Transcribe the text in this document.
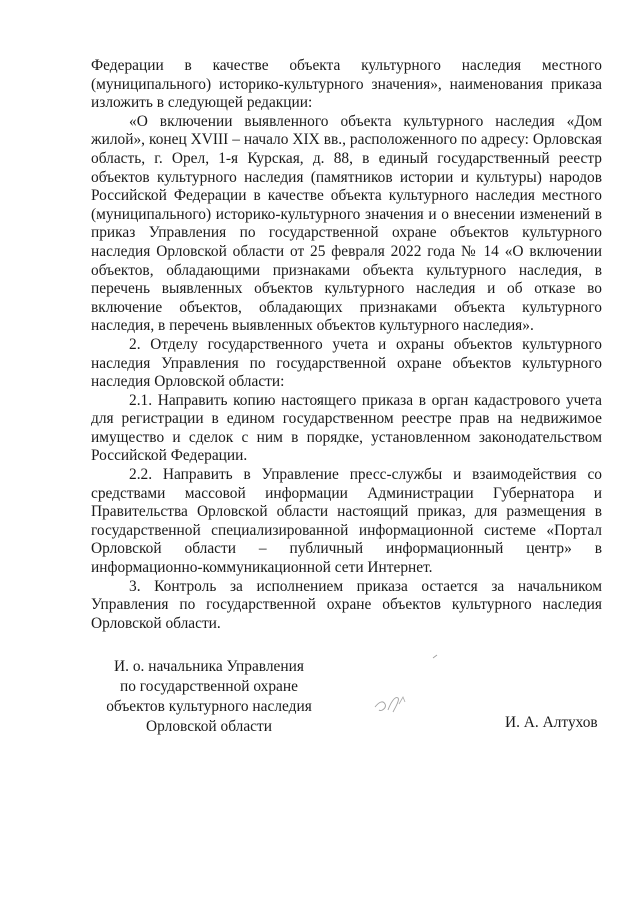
Федерации в качестве объекта культурного наследия местного (муниципального) историко-культурного значения», наименования приказа изложить в следующей редакции:

«О включении выявленного объекта культурного наследия «Дом жилой», конец XVIII – начало XIX вв., расположенного по адресу: Орловская область, г. Орел, 1-я Курская, д. 88, в единый государственный реестр объектов культурного наследия (памятников истории и культуры) народов Российской Федерации в качестве объекта культурного наследия местного (муниципального) историко-культурного значения и о внесении изменений в приказ Управления по государственной охране объектов культурного наследия Орловской области от 25 февраля 2022 года № 14 «О включении объектов, обладающими признаками объекта культурного наследия, в перечень выявленных объектов культурного наследия и об отказе во включение объектов, обладающих признаками объекта культурного наследия, в перечень выявленных объектов культурного наследия».

2. Отделу государственного учета и охраны объектов культурного наследия Управления по государственной охране объектов культурного наследия Орловской области:

2.1. Направить копию настоящего приказа в орган кадастрового учета для регистрации в едином государственном реестре прав на недвижимое имущество и сделок с ним в порядке, установленном законодательством Российской Федерации.

2.2. Направить в Управление пресс-службы и взаимодействия со средствами массовой информации Администрации Губернатора и Правительства Орловской области настоящий приказ, для размещения в государственной специализированной информационной системе «Портал Орловской области – публичный информационный центр» в информационно-коммуникационной сети Интернет.

3. Контроль за исполнением приказа остается за начальником Управления по государственной охране объектов культурного наследия Орловской области.

И. о. начальника Управления
по государственной охране
объектов культурного наследия
Орловской области	И. А. Алтухов
